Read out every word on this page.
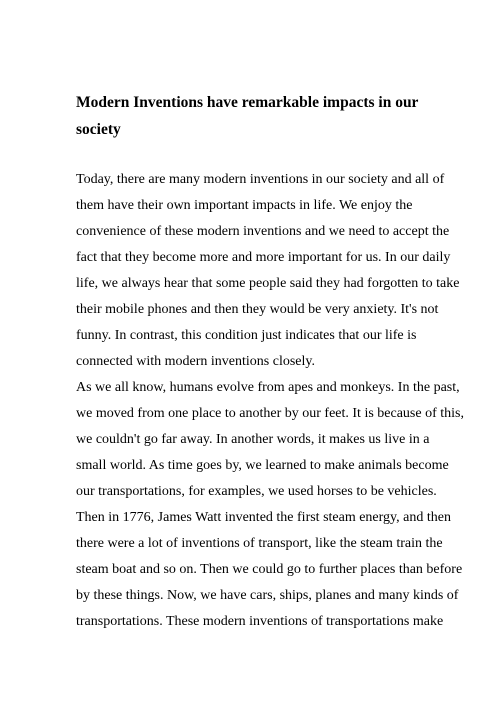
Modern Inventions have remarkable impacts in our
society

Today, there are many modern inventions in our society and all of

them have their own important impacts in life. We enjoy the

convenience of these modern inventions and we need to accept the

fact that they become more and more important for us. In our daily

life, we always hear that some people said they had forgotten to take

their mobile phones and then they would be very anxiety. It's not

funny. In contrast, this condition just indicates that our life is

connected with modern inventions closely.

As we all know, humans evolve from apes and monkeys. In the past,

we moved from one place to another by our feet. It is because of this,

we couldn't go far away. In another words, it makes us live in a

small world. As time goes by, we learned to make animals become

our transportations, for examples, we used horses to be vehicles.

Then in 1776, James Watt invented the first steam energy, and then

there were a lot of inventions of transport, like the steam train the

steam boat and so on. Then we could go to further places than before

by these things. Now, we have cars, ships, planes and many kinds of

transportations. These modern inventions of transportations make
